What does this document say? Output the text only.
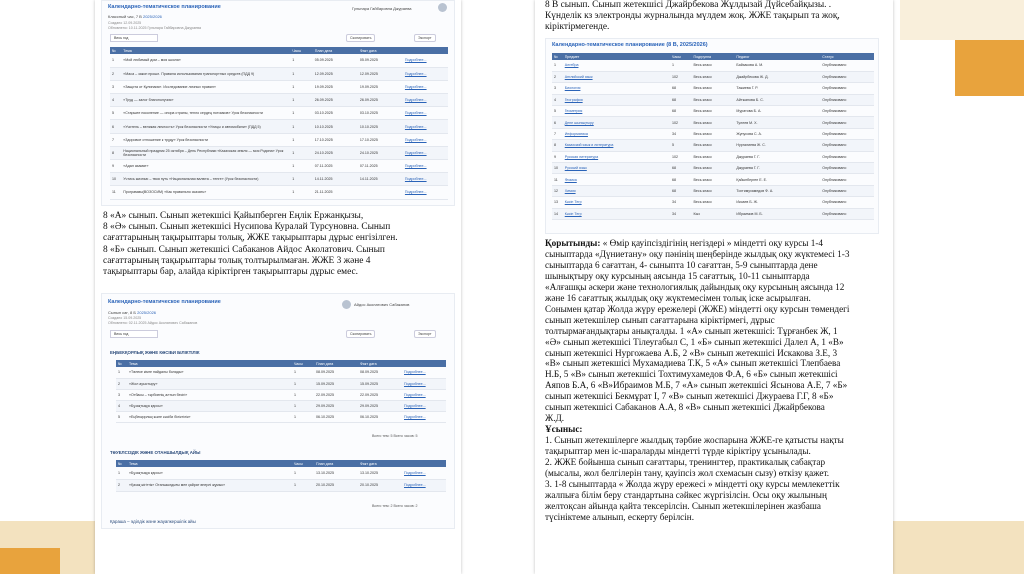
Календарно-тематическое планирование	Гульнара Гайбаровна Джураева
Классный час, 7 В 2025/2026
Создано 12.09.2025
Обновлено: 10.11.2025 Гульнара Гайбаровна Джураева
Весь год	Скопировать	Экспорт
№	Тема	Часы	План дата	Факт дата	
1	«Мой любимый дом – моя школа»	1	05.09.2025	05.09.2025	Подробнее...
2	«Маса – закон прошл. Правила использования транспортных средств (ПДД 9)	1	12.09.2025	12.09.2025	Подробнее...
3	«Защита от Кулинаия». Исследование личных правил»	1	19.09.2025	19.09.2025	Подробнее...
4	«Труд — залог благополучия»	1	26.09.2025	26.09.2025	Подробнее...
5	«Старшее поколение — опора страны, тепло сердец потомков» Урок безопасности	1	03.10.2025	03.10.2025	Подробнее...
6	«Учитель – великая личность» Урок безопасности «Улицы и автомобили» (ПДД 5)	1	10.10.2025	10.10.2025	Подробнее...
7	«Здоровое отношение к труду» Урок безопасности	1	17.10.2025	17.10.2025	Подробнее...
8	Национальный праздник 25 октября – День Республики «Казахская земля — моя Родина» Урок безопасности	1	24.10.2025	24.10.2025	Подробнее...
9	«Адал азамат»	1	07.11.2025	07.11.2025	Подробнее...
10	Учтись жизнью – твоя путь «Национальная валюта – тенге» (Урок безопасности)	1	14.11.2025	14.11.2025	Подробнее...
11	Программы(ВОЗОСИМ) «Как правильно сказать»	1	21.11.2025		Подробнее...

8 «А» сынып. Сынып жетекшісі Қайыпберген Еңлік Ержанқызы,

8 «Ә» сынып. Сынып жетекшісі Нусипова Куралай Турсуновна. Сынып

сағаттарының тақырыптары толық, ЖЖЕ тақырыптары дұрыс енгізілген.

8 «Б» сынып. Сынып жетекшісі Сабаканов Айдос Аколатович. Сынып

сағаттарының тақырыптары толық толтырылмаған. ЖЖЕ 3 және 4

тақырыптары бар, алайда кіріктірген тақырыптары дұрыс емес.

Календарно-тематическое планирование	Айдос Аколатович Сабаканов
Сынып сағ, 8 Б 2025/2026
Создано 15.09.2025
Обновлено: 02.11.2025 Айдос Аколатович Сабаканов
Весь год	Скопировать	Экспорт
ЕҢБЕКҚОРЛЫҚ ЖӘНЕ КӘСІБИ БІЛІКТІЛІК
№	Тема	Часы	План дата	Факт дата	
1	«Төлеке кімге пайдалы болады»	1	08.09.2025	08.09.2025	Подробнее...
2	«Жол ауыстыру»	1	15.09.2025	15.09.2025	Подробнее...
3	«Отбасы – тәрбиенің алтын бесігі»	1	22.09.2025	22.09.2025	Подробнее...
4	«Бұзақтыққа қарсы»	1	29.09.2025	29.09.2025	Подробнее...
5	«Еңбекқорлық және кәсіби біліктілік»	1	06.10.2025	06.10.2025	Подробнее...
Всего тем: 5 Всего часов: 5
ТӘУЕЛСІЗДІК ЖӘНЕ ОТАНШЫЛДЫҚ АЙЫ
№	Тема	Часы	План дата	Факт дата	
1	«Бұзақтыққа қарсы»	1	13.10.2025	13.10.2025	Подробнее...
2	«Қазақ жігіттік» Отаншылдығы мен қайрат өнерлі жұмыс»	1	20.10.2025	20.10.2025	Подробнее...
Всего тем: 2 Всего часов: 2
Қараша – әділдік және жауапкершілік айы

8 В сынып. Сынып жетекшісі Джайрбекова Жұлдызай Дүйсебайқызы. .

Күнделік кз электронды журналында мүлдем жоқ. ЖЖЕ тақырып та жоқ,

кіріктірмегенде.

Календарно-тематическое планирование (8 В, 2025/2026)
№	Предмет	Часы	Подгруппа	Педагог	Статус
1	Алгебра	1	Весь класс	Байзакова А. М.	Опубликовано
2	Английский язык	102	Весь класс	Джайрбекова Ж. Д.	Опубликовано
3	Биология	68	Весь класс	Тажиева Г. Р.	Опубликовано
4	География	68	Весь класс	Айтжанова Б. С.	Опубликовано
5	Геометрия	68	Весь класс	Муратова Б. А.	Опубликовано
6	Дене шынықтыру	102	Весь класс	Тулеев М. Х.	Опубликовано
7	Информатика	34	Весь класс	Жунусова С. А.	Опубликовано
8	Казахский язык и литература	5	Весь класс	Нургалиева Ж. С.	Опубликовано
9	Русская литература	102	Весь класс	Джураева Г. Г.	Опубликовано
10	Русский язык	68	Весь класс	Джураева Г. Г.	Опубликовано
11	Физика	68	Весь класс	Қайыпберген Е. Е.	Опубликовано
12	Химия	68	Весь класс	Тохтимухамедов Ф. А.	Опубликовано
13	Кәсіп Тегр	34	Весь класс	Иксаев Б. Ж.	Опубликовано
14	Кәсіп Тегр	34	Кыз	Ибраимов М. Б.	Опубликовано

Қорытынды: « Өмір қауіпсіздігінің негіздері » міндетті оқу курсы 1-4

сыныптарда «Дүниетану» оқу пәнінің шеңберінде жылдық оқу жүктемесі 1-3

сыныптарда 6 сағаттан, 4- сыныпта 10 сағаттан, 5-9 сыныптарда дене

шынықтыру оқу курсының аясында 15 сағаттық, 10-11 сыныптарда

«Алғашқы әскери және технологиялық дайындық оқу курсының аясында 12

және 16 сағаттық жылдық оқу жүктемесімен толық іске асырылған.

Сонымен қатар Жолда жүру ережелері (ЖЖЕ) міндетті оқу курсын төмендегі

сынып жетекшілер сынып сағаттарына кіріктірмегі, дұрыс

толтырмағандықтары анықталды. 1 «А» сынып жетекшісі: Тұрғанбек Ж, 1

«Ә» сынып жетекшісі Тілеугабыл С, 1 «Б» сынып жетекшісі Далел А, 1 «В»

сынып жетекшісі Нургожаева А.Б, 2 «В» сынып жетекшісі Искакова З.Е, 3

«В» сынып жетекшісі Мухамадиева Т.К, 5 «А» сынып жетекшісі Тлепбаева

Н.Б, 5 «В» сынып жетекшісі Тохтимухамедов Ф.А, 6 «Б» сынып жетекшісі

Аяпов Б.А, 6 «В»Ибраимов М.Б, 7 «А» сынып жетекшісі Ясынова А.Е, 7 «Б»

сынып жетекшісі Бекмұрат І, 7 «В» сынып жетекшісі Джураева Г.Г, 8 «Б»

сынып жетекшісі Сабаканов А.А, 8 «В» сынып жетекшісі Джайрбекова

Ж.Д.

Ұсыныс:

1. Сынып жетекшілерге жылдық тәрбие жоспарына ЖЖЕ-ге қатысты нақты

тақырыптар мен іс-шараларды міндетті түрде кіріктіру ұсынылады.

2. ЖЖЕ бойынша сынып сағаттары, тренингтер, практикалық сабақтар

(мысалы, жол белгілерін тану, қауіпсіз жол схемасын сызу) өткізу қажет.

3. 1-8 сыныптарда « Жолда жүру ережесі » міндетті оқу курсы мемлекеттік

жалпыға білім беру стандартына сәйкес жүргізілсін. Осы оқу жылының

желтоқсан айында қайта тексерілсін. Сынып жетекшілерінен жазбаша

түсініктеме алынып, ескерту берілсін.
